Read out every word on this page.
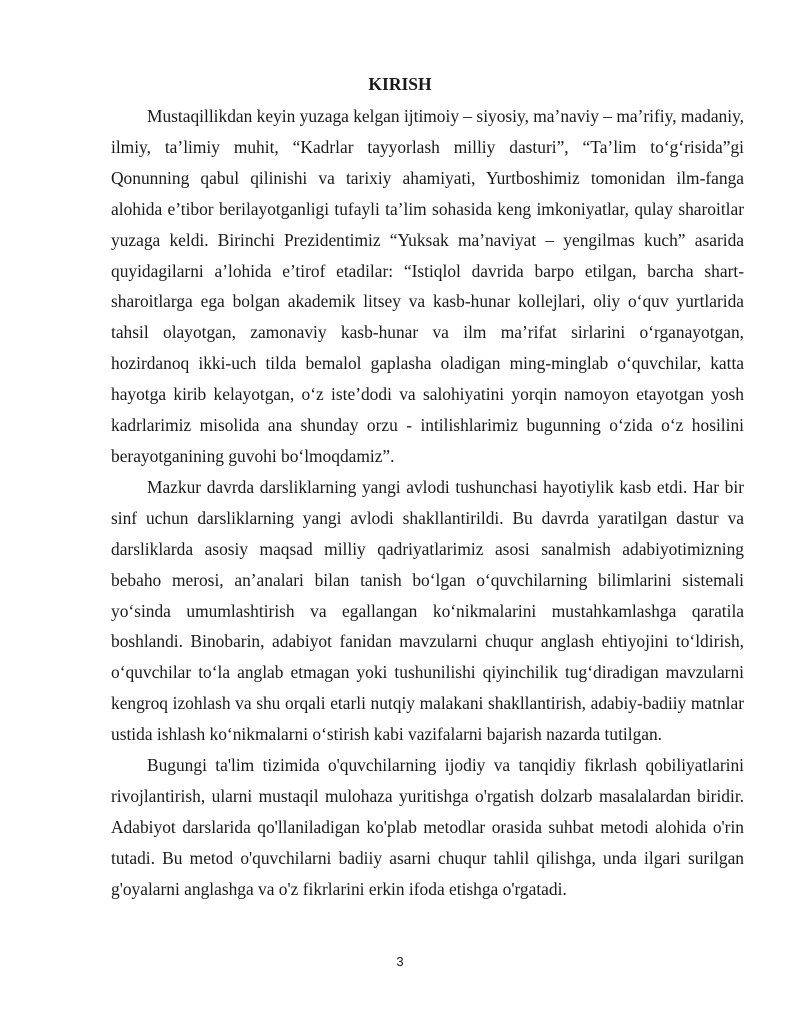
KIRISH

Mustaqillikdan keyin yuzaga kelgan ijtimoiy – siyosiy, ma’naviy – ma’rifiy, madaniy, ilmiy, ta’limiy muhit, “Kadrlar tayyorlash milliy dasturi”, “Ta’lim to‘g‘risida”gi Qonunning qabul qilinishi va tarixiy ahamiyati, Yurtboshimiz tomonidan ilm-fanga alohida e’tibor berilayotganligi tufayli ta’lim sohasida keng imkoniyatlar, qulay sharoitlar yuzaga keldi. Birinchi Prezidentimiz “Yuksak ma’naviyat – yengilmas kuch” asarida quyidagilarni a’lohida e’tirof etadilar: “Istiqlol davrida barpo etilgan, barcha shart-sharoitlarga ega bolgan akademik litsey va kasb-hunar kollejlari, oliy o‘quv yurtlarida tahsil olayotgan, zamonaviy kasb-hunar va ilm ma’rifat sirlarini o‘rganayotgan, hozirdanoq ikki-uch tilda bemalol gaplasha oladigan ming-minglab o‘quvchilar, katta hayotga kirib kelayotgan, o‘z iste’dodi va salohiyatini yorqin namoyon etayotgan yosh kadrlarimiz misolida ana shunday orzu - intilishlarimiz bugunning o‘zida o‘z hosilini berayotganining guvohi bo‘lmoqdamiz”.

Mazkur davrda darsliklarning yangi avlodi tushunchasi hayotiylik kasb etdi. Har bir sinf uchun darsliklarning yangi avlodi shakllantirildi. Bu davrda yaratilgan dastur va darsliklarda asosiy maqsad milliy qadriyatlarimiz asosi sanalmish adabiyotimizning bebaho merosi, an’analari bilan tanish bo‘lgan o‘quvchilarning bilimlarini sistemali yo‘sinda umumlashtirish va egallangan ko‘nikmalarini mustahkamlashga qaratila boshlandi. Binobarin, adabiyot fanidan mavzularni chuqur anglash ehtiyojini to‘ldirish, o‘quvchilar to‘la anglab etmagan yoki tushunilishi qiyinchilik tug‘diradigan mavzularni kengroq izohlash va shu orqali etarli nutqiy malakani shakllantirish, adabiy-badiiy matnlar ustida ishlash ko‘nikmalarni o‘stirish kabi vazifalarni bajarish nazarda tutilgan.

Bugungi ta'lim tizimida o'quvchilarning ijodiy va tanqidiy fikrlash qobiliyatlarini rivojlantirish, ularni mustaqil mulohaza yuritishga o'rgatish dolzarb masalalardan biridir. Adabiyot darslarida qo'llaniladigan ko'plab metodlar orasida suhbat metodi alohida o'rin tutadi. Bu metod o'quvchilarni badiiy asarni chuqur tahlil qilishga, unda ilgari surilgan g'oyalarni anglashga va o'z fikrlarini erkin ifoda etishga o'rgatadi.

3
